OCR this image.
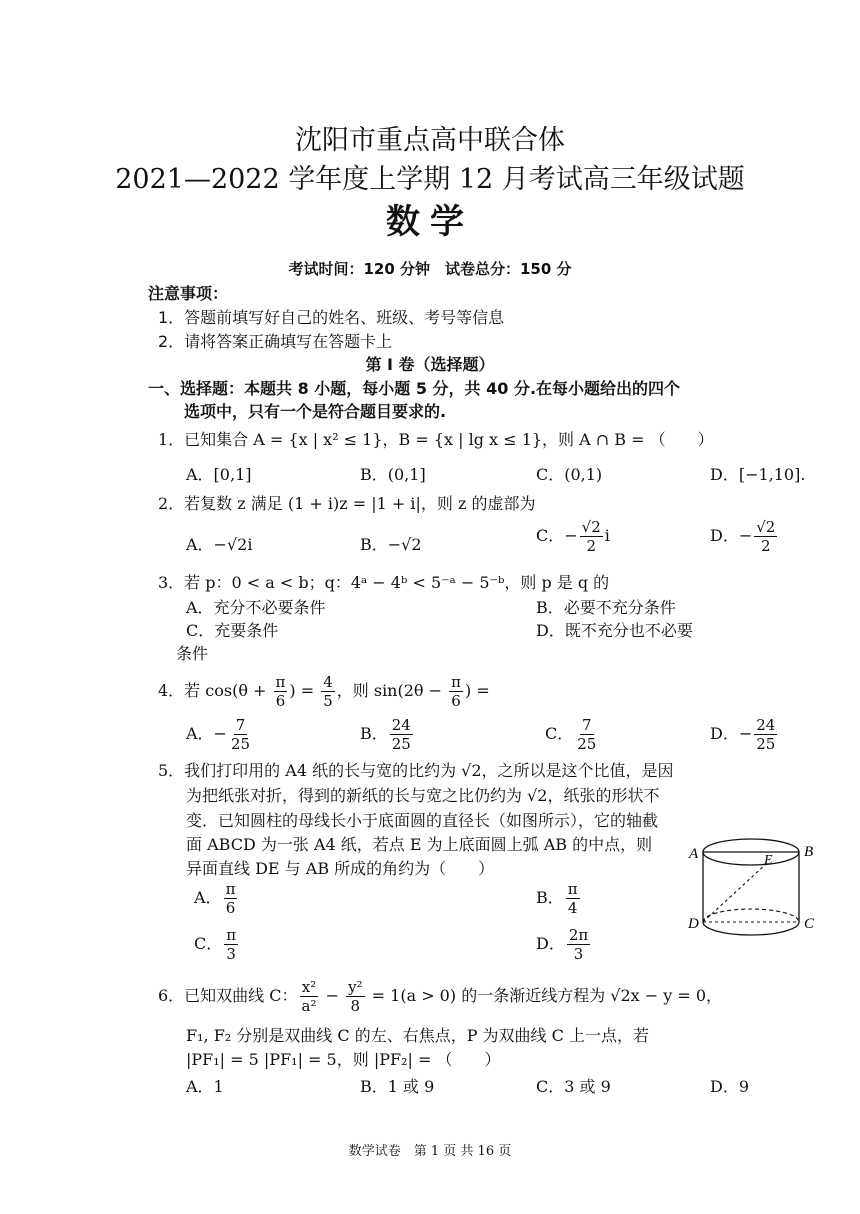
沈阳市重点高中联合体
2021—2022 学年度上学期 12 月考试高三年级试题
数学
考试时间：120 分钟　试卷总分：150 分
注意事项：
1．答题前填写好自己的姓名、班级、考号等信息
2．请将答案正确填写在答题卡上
第 I 卷（选择题）
一、选择题：本题共 8 小题，每小题 5 分，共 40 分.在每小题给出的四个
选项中，只有一个是符合题目要求的.
1．已知集合 A = {x | x² ≤ 1}，B = {x | lg x ≤ 1}，则 A ∩ B = （　　）
A．[0,1]	B．(0,1]	C．(0,1)	D．[−1,10].
2．若复数 z 满足 (1 + i)z = |1 + i|，则 z 的虚部为
A．−√2i	B．−√2	C．− $\frac{√2}{2}$ i	D．− $\frac{√2}{2}$
3．若 p：0 < a < b；q：4ᵃ − 4ᵇ < 5⁻ᵃ − 5⁻ᵇ，则 p 是 q 的
A．充分不必要条件	B．必要不充分条件
C．充要条件	D．既不充分也不必要
条件
4．若 $\cos(\theta + \frac{\pi}{6}$ ) = $\frac{4}{5}$ ，则 $\sin(2\theta - \frac{\pi}{6}$ ) =
A．− $\frac{7}{25}$	B． $\frac{24}{25}$	C． $\frac{7}{25}$	D．− $\frac{24}{25}$
5．我们打印用的 A4 纸的长与宽的比约为 √2，之所以是这个比值，是因
为把纸张对折，得到的新纸的长与宽之比仍约为 √2，纸张的形状不
变．已知圆柱的母线长小于底面圆的直径长（如图所示），它的轴截
面 ABCD 为一张 A4 纸，若点 E 为上底面圆上弧 AB 的中点，则
异面直线 DE 与 AB 所成的角约为（　　）
A． $\frac{\pi}{6}$	B． $\frac{\pi}{4}$
C． $\frac{\pi}{3}$	D． $\frac{2\pi}{3}$
A	B
C
D
E
6．已知双曲线 C： $\frac{\text{x²}}{\text{a²}} - \frac{\text{y²}}{8} = 1(a > 0)$ 的一条渐近线方程为 √2x − y = 0，
F₁, F₂ 分别是双曲线 C 的左、右焦点，P 为双曲线 C 上一点，若
|PF₁| = 5 |PF₁| = 5，则 |PF₂| = （　　）
A．1	B．1 或 9	C．3 或 9	D．9
数学试卷　第 1 页 共 16 页
